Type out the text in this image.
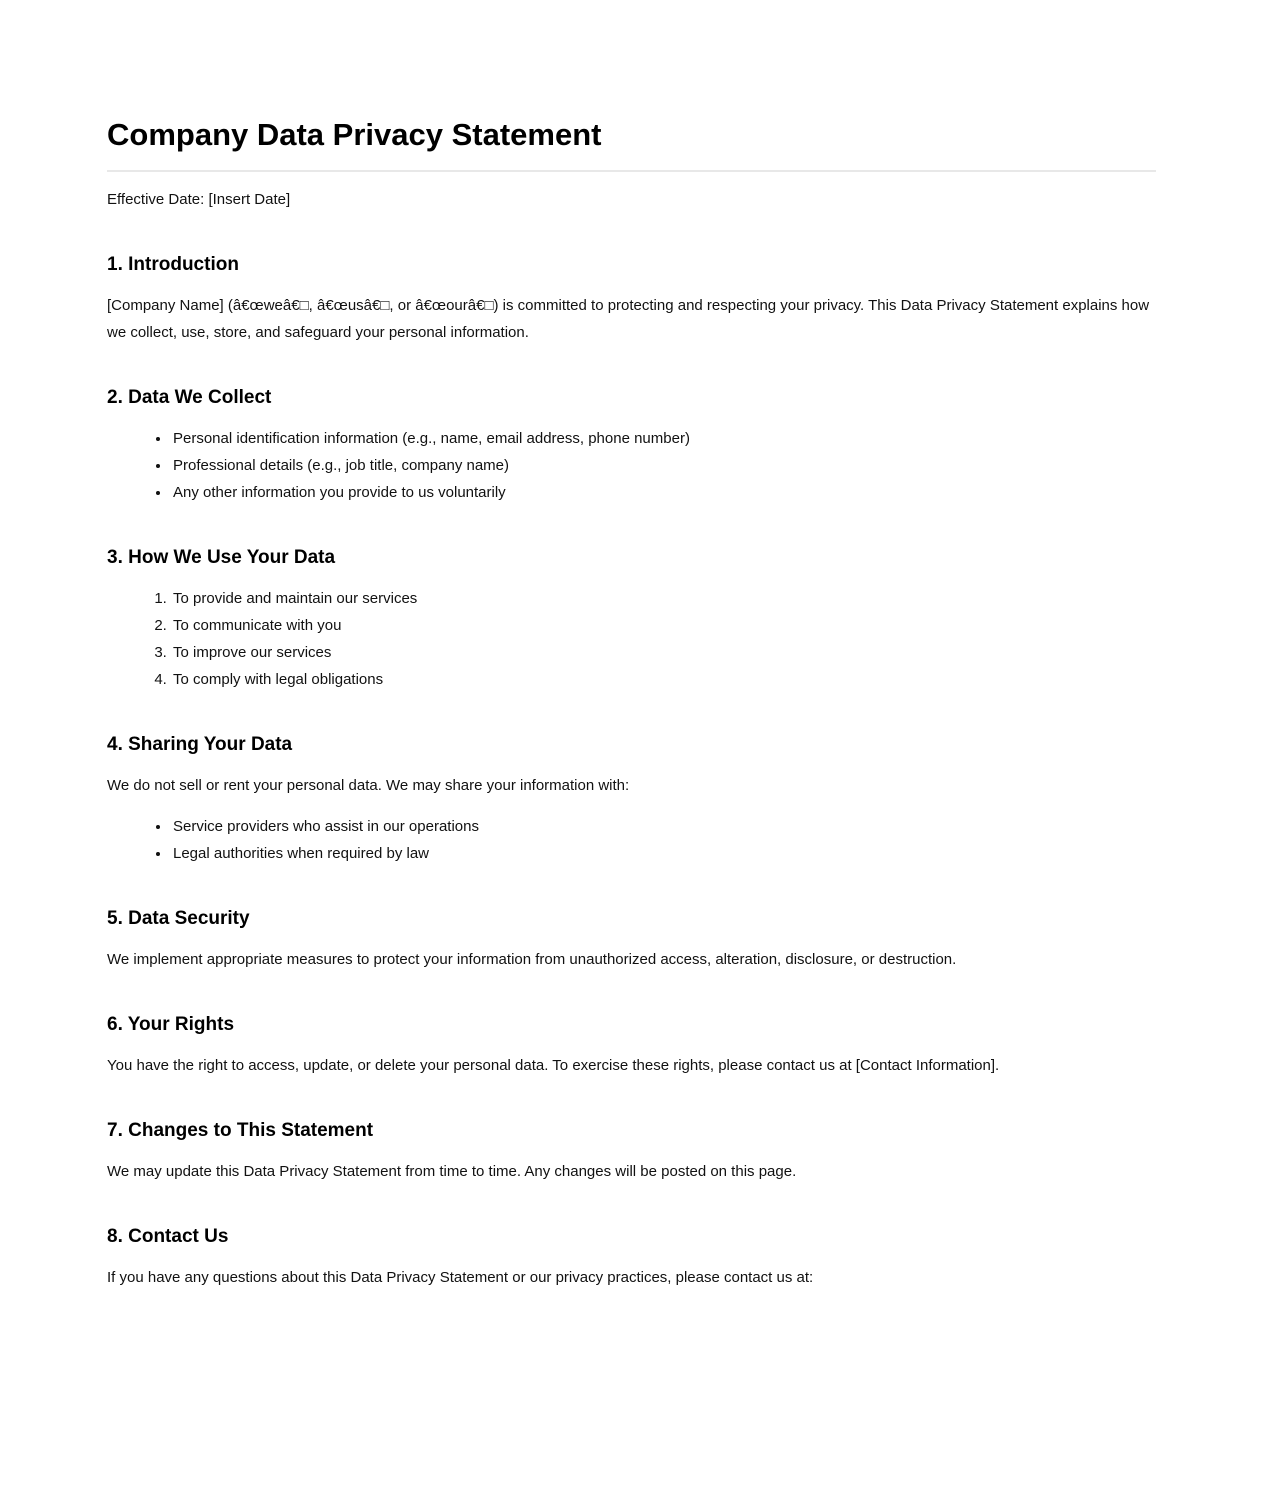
Company Data Privacy Statement

Effective Date: [Insert Date]

1. Introduction

[Company Name] (â€œweâ€□, â€œusâ€□, or â€œourâ€□) is committed to protecting and respecting your privacy. This Data Privacy Statement explains how we collect, use, store, and safeguard your personal information.

2. Data We Collect
• Personal identification information (e.g., name, email address, phone number)
• Professional details (e.g., job title, company name)
• Any other information you provide to us voluntarily
3. How We Use Your Data
1. To provide and maintain our services
2. To communicate with you
3. To improve our services
4. To comply with legal obligations
4. Sharing Your Data

We do not sell or rent your personal data. We may share your information with:

• Service providers who assist in our operations
• Legal authorities when required by law
5. Data Security

We implement appropriate measures to protect your information from unauthorized access, alteration, disclosure, or destruction.

6. Your Rights

You have the right to access, update, or delete your personal data. To exercise these rights, please contact us at [Contact Information].

7. Changes to This Statement

We may update this Data Privacy Statement from time to time. Any changes will be posted on this page.

8. Contact Us

If you have any questions about this Data Privacy Statement or our privacy practices, please contact us at:
